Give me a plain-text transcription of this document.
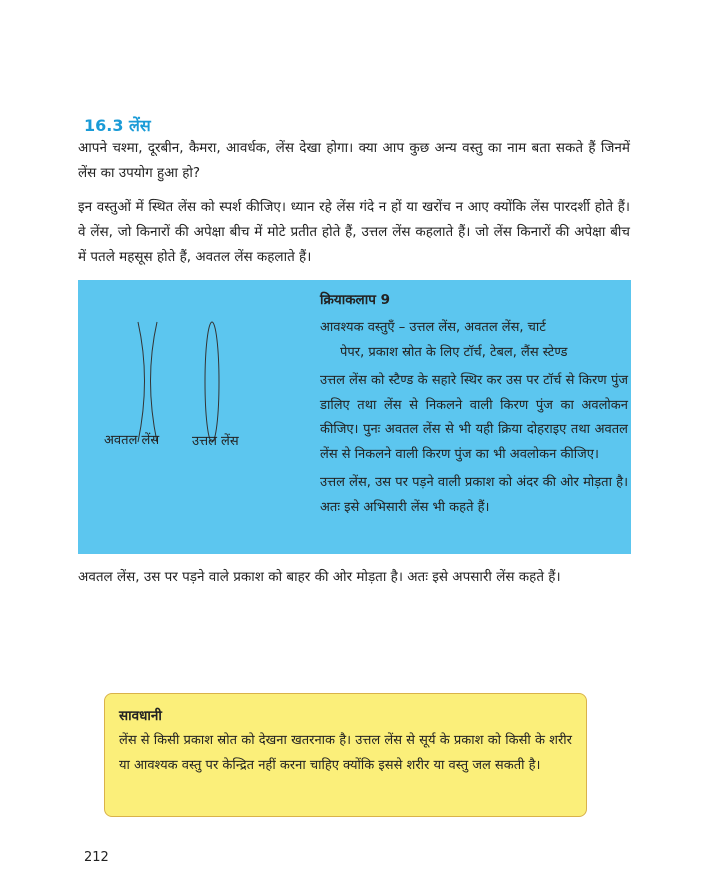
16.3 लेंस

आपने चश्मा, दूरबीन, कैमरा, आवर्धक, लेंस देखा होगा। क्या आप कुछ अन्य वस्तु का नाम बता सकते हैं जिनमें लेंस का उपयोग हुआ हो?

इन वस्तुओं में स्थित लेंस को स्पर्श कीजिए। ध्यान रहे लेंस गंदे न हों या खरोंच न आए क्योंकि लेंस पारदर्शी होते हैं। वे लेंस, जो किनारों की अपेक्षा बीच में मोटे प्रतीत होते हैं, उत्तल लेंस कहलाते हैं। जो लेंस किनारों की अपेक्षा बीच में पतले महसूस होते हैं, अवतल लेंस कहलाते हैं।

अवतल लेंस	उत्तल लेंस

क्रियाकलाप 9

आवश्यक वस्तुएँ – उत्तल लेंस, अवतल लेंस, चार्ट

पेपर, प्रकाश स्रोत के लिए टॉर्च, टेबल, लैंस स्टेण्ड

उत्तल लेंस को स्टैण्ड के सहारे स्थिर कर उस पर टॉर्च से किरण पुंज डालिए तथा लेंस से निकलने वाली किरण पुंज का अवलोकन कीजिए। पुनः अवतल लेंस से भी यही क्रिया दोहराइए तथा अवतल लेंस से निकलने वाली किरण पुंज का भी अवलोकन कीजिए।

उत्तल लेंस, उस पर पड़ने वाली प्रकाश को अंदर की ओर मोड़ता है। अतः इसे अभिसारी लेंस भी कहते हैं।

अवतल लेंस, उस पर पड़ने वाले प्रकाश को बाहर की ओर मोड़ता है। अतः इसे अपसारी लेंस कहते हैं।

सावधानी

लेंस से किसी प्रकाश स्रोत को देखना खतरनाक है। उत्तल लेंस से सूर्य के प्रकाश को किसी के शरीर या आवश्यक वस्तु पर केन्द्रित नहीं करना चाहिए क्योंकि इससे शरीर या वस्तु जल सकती है।

212
